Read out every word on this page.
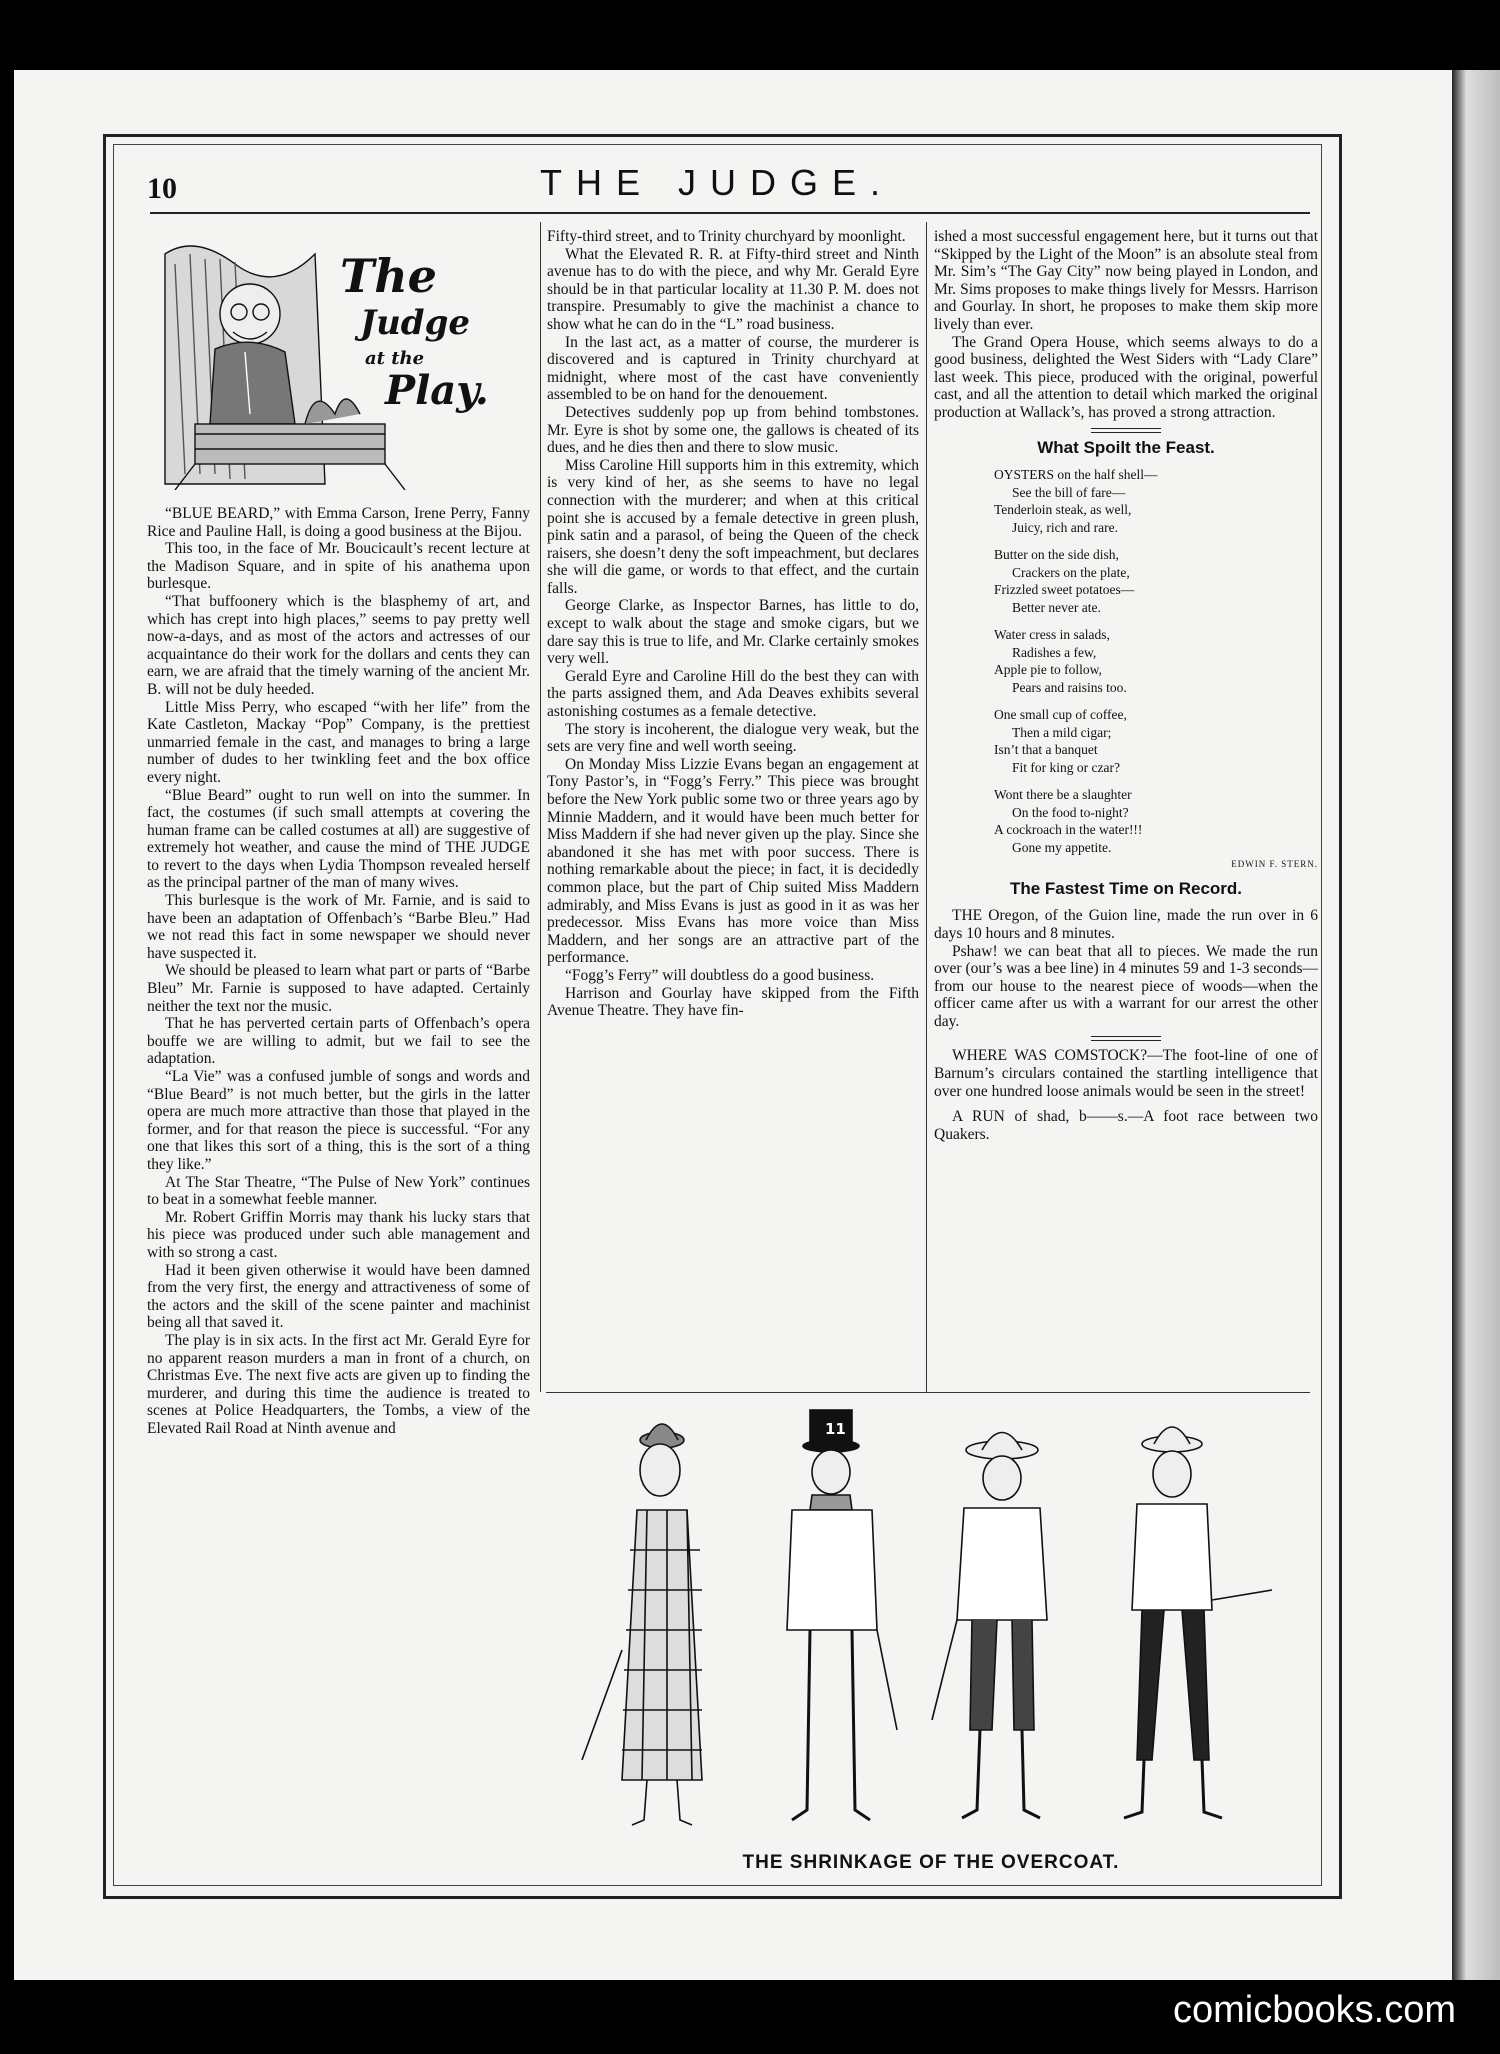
10	THE JUDGE.
The
Judge
at the
Play.

“BLUE BEARD,” with Emma Carson, Irene Perry, Fanny Rice and Pauline Hall, is doing a good business at the Bijou.

This too, in the face of Mr. Boucicault’s recent lecture at the Madison Square, and in spite of his anathema upon burlesque.

“That buffoonery which is the blasphemy of art, and which has crept into high places,” seems to pay pretty well now-a-days, and as most of the actors and actresses of our acquaintance do their work for the dollars and cents they can earn, we are afraid that the timely warning of the ancient Mr. B. will not be duly heeded.

Little Miss Perry, who escaped “with her life” from the Kate Castleton, Mackay “Pop” Company, is the prettiest unmarried female in the cast, and manages to bring a large number of dudes to her twinkling feet and the box office every night.

“Blue Beard” ought to run well on into the summer. In fact, the costumes (if such small attempts at covering the human frame can be called costumes at all) are suggestive of extremely hot weather, and cause the mind of THE JUDGE to revert to the days when Lydia Thompson revealed herself as the principal partner of the man of many wives.

This burlesque is the work of Mr. Farnie, and is said to have been an adaptation of Offenbach’s “Barbe Bleu.” Had we not read this fact in some newspaper we should never have suspected it.

We should be pleased to learn what part or parts of “Barbe Bleu” Mr. Farnie is supposed to have adapted. Certainly neither the text nor the music.

That he has perverted certain parts of Offenbach’s opera bouffe we are willing to admit, but we fail to see the adaptation.

“La Vie” was a confused jumble of songs and words and “Blue Beard” is not much better, but the girls in the latter opera are much more attractive than those that played in the former, and for that reason the piece is successful. “For any one that likes this sort of a thing, this is the sort of a thing they like.”

At The Star Theatre, “The Pulse of New York” continues to beat in a somewhat feeble manner.

Mr. Robert Griffin Morris may thank his lucky stars that his piece was produced under such able management and with so strong a cast.

Had it been given otherwise it would have been damned from the very first, the energy and attractiveness of some of the actors and the skill of the scene painter and machinist being all that saved it.

The play is in six acts. In the first act Mr. Gerald Eyre for no apparent reason murders a man in front of a church, on Christmas Eve. The next five acts are given up to finding the murderer, and during this time the audience is treated to scenes at Police Headquarters, the Tombs, a view of the Elevated Rail Road at Ninth avenue and

Fifty-third street, and to Trinity churchyard by moonlight.

What the Elevated R. R. at Fifty-third street and Ninth avenue has to do with the piece, and why Mr. Gerald Eyre should be in that particular locality at 11.30 P. M. does not transpire. Presumably to give the machinist a chance to show what he can do in the “L” road business.

In the last act, as a matter of course, the murderer is discovered and is captured in Trinity churchyard at midnight, where most of the cast have conveniently assembled to be on hand for the denouement.

Detectives suddenly pop up from behind tombstones. Mr. Eyre is shot by some one, the gallows is cheated of its dues, and he dies then and there to slow music.

Miss Caroline Hill supports him in this extremity, which is very kind of her, as she seems to have no legal connection with the murderer; and when at this critical point she is accused by a female detective in green plush, pink satin and a parasol, of being the Queen of the check raisers, she doesn’t deny the soft impeachment, but declares she will die game, or words to that effect, and the curtain falls.

George Clarke, as Inspector Barnes, has little to do, except to walk about the stage and smoke cigars, but we dare say this is true to life, and Mr. Clarke certainly smokes very well.

Gerald Eyre and Caroline Hill do the best they can with the parts assigned them, and Ada Deaves exhibits several astonishing costumes as a female detective.

The story is incoherent, the dialogue very weak, but the sets are very fine and well worth seeing.

On Monday Miss Lizzie Evans began an engagement at Tony Pastor’s, in “Fogg’s Ferry.” This piece was brought before the New York public some two or three years ago by Minnie Maddern, and it would have been much better for Miss Maddern if she had never given up the play. Since she abandoned it she has met with poor success. There is nothing remarkable about the piece; in fact, it is decidedly common place, but the part of Chip suited Miss Maddern admirably, and Miss Evans is just as good in it as was her predecessor. Miss Evans has more voice than Miss Maddern, and her songs are an attractive part of the performance.

“Fogg’s Ferry” will doubtless do a good business.

Harrison and Gourlay have skipped from the Fifth Avenue Theatre. They have fin-

ished a most successful engagement here, but it turns out that “Skipped by the Light of the Moon” is an absolute steal from Mr. Sim’s “The Gay City” now being played in London, and Mr. Sims proposes to make things lively for Messrs. Harrison and Gourlay. In short, he proposes to make them skip more lively than ever.

The Grand Opera House, which seems always to do a good business, delighted the West Siders with “Lady Clare” last week. This piece, produced with the original, powerful cast, and all the attention to detail which marked the original production at Wallack’s, has proved a strong attraction.

What Spoilt the Feast.
OYSTERS on the half shell—
See the bill of fare—
Tenderloin steak, as well,
Juicy, rich and rare.
Butter on the side dish,
Crackers on the plate,
Frizzled sweet potatoes—
Better never ate.
Water cress in salads,
Radishes a few,
Apple pie to follow,
Pears and raisins too.
One small cup of coffee,
Then a mild cigar;
Isn’t that a banquet
Fit for king or czar?
Wont there be a slaughter
On the food to-night?
A cockroach in the water!!!
Gone my appetite.
EDWIN F. STERN.
The Fastest Time on Record.

THE Oregon, of the Guion line, made the run over in 6 days 10 hours and 8 minutes.

Pshaw! we can beat that all to pieces. We made the run over (our’s was a bee line) in 4 minutes 59 and 1-3 seconds—from our house to the nearest piece of woods—when the officer came after us with a warrant for our arrest the other day.

WHERE WAS COMSTOCK?—The foot-line of one of Barnum’s circulars contained the startling intelligence that over one hundred loose animals would be seen in the street!

A RUN of shad, b——s.—A foot race between two Quakers.

11
THE SHRINKAGE OF THE OVERCOAT.
comicbooks.com
